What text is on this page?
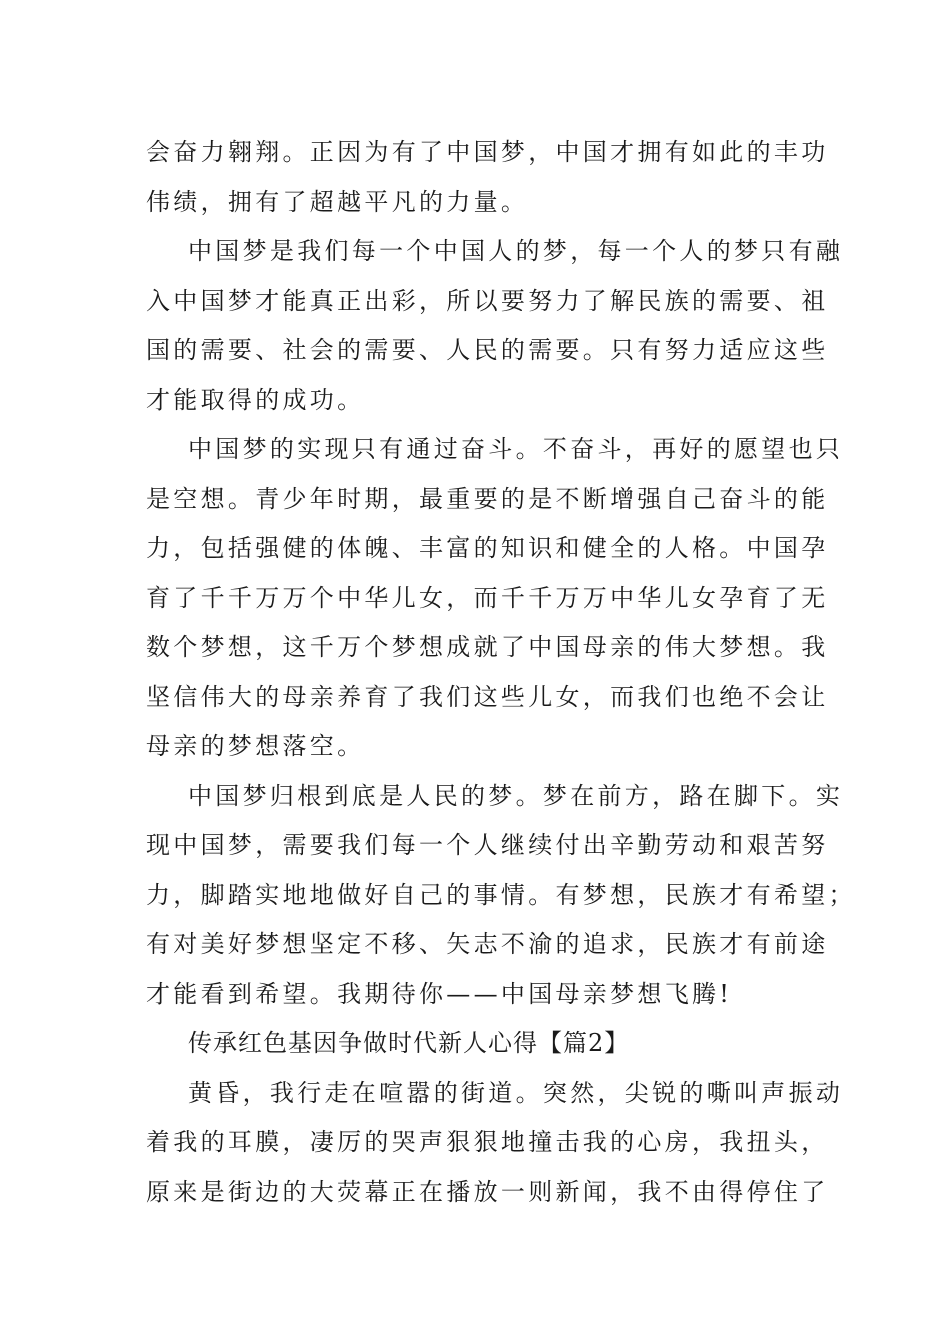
会奋力翱翔。正因为有了中国梦，中国才拥有如此的丰功
伟绩，拥有了超越平凡的力量。
中国梦是我们每一个中国人的梦，每一个人的梦只有融
入中国梦才能真正出彩，所以要努力了解民族的需要、祖
国的需要、社会的需要、人民的需要。只有努力适应这些
才能取得的成功。
中国梦的实现只有通过奋斗。不奋斗，再好的愿望也只
是空想。青少年时期，最重要的是不断增强自己奋斗的能
力，包括强健的体魄、丰富的知识和健全的人格。中国孕
育了千千万万个中华儿女，而千千万万中华儿女孕育了无
数个梦想，这千万个梦想成就了中国母亲的伟大梦想。我
坚信伟大的母亲养育了我们这些儿女，而我们也绝不会让
母亲的梦想落空。
中国梦归根到底是人民的梦。梦在前方，路在脚下。实
现中国梦，需要我们每一个人继续付出辛勤劳动和艰苦努
力，脚踏实地地做好自己的事情。有梦想，民族才有希望；
有对美好梦想坚定不移、矢志不渝的追求，民族才有前途
才能看到希望。我期待你——中国母亲梦想飞腾!
传承红色基因争做时代新人心得【篇2】
黄昏，我行走在喧嚣的街道。突然，尖锐的嘶叫声振动
着我的耳膜，凄厉的哭声狠狠地撞击我的心房，我扭头，
原来是街边的大荧幕正在播放一则新闻，我不由得停住了
